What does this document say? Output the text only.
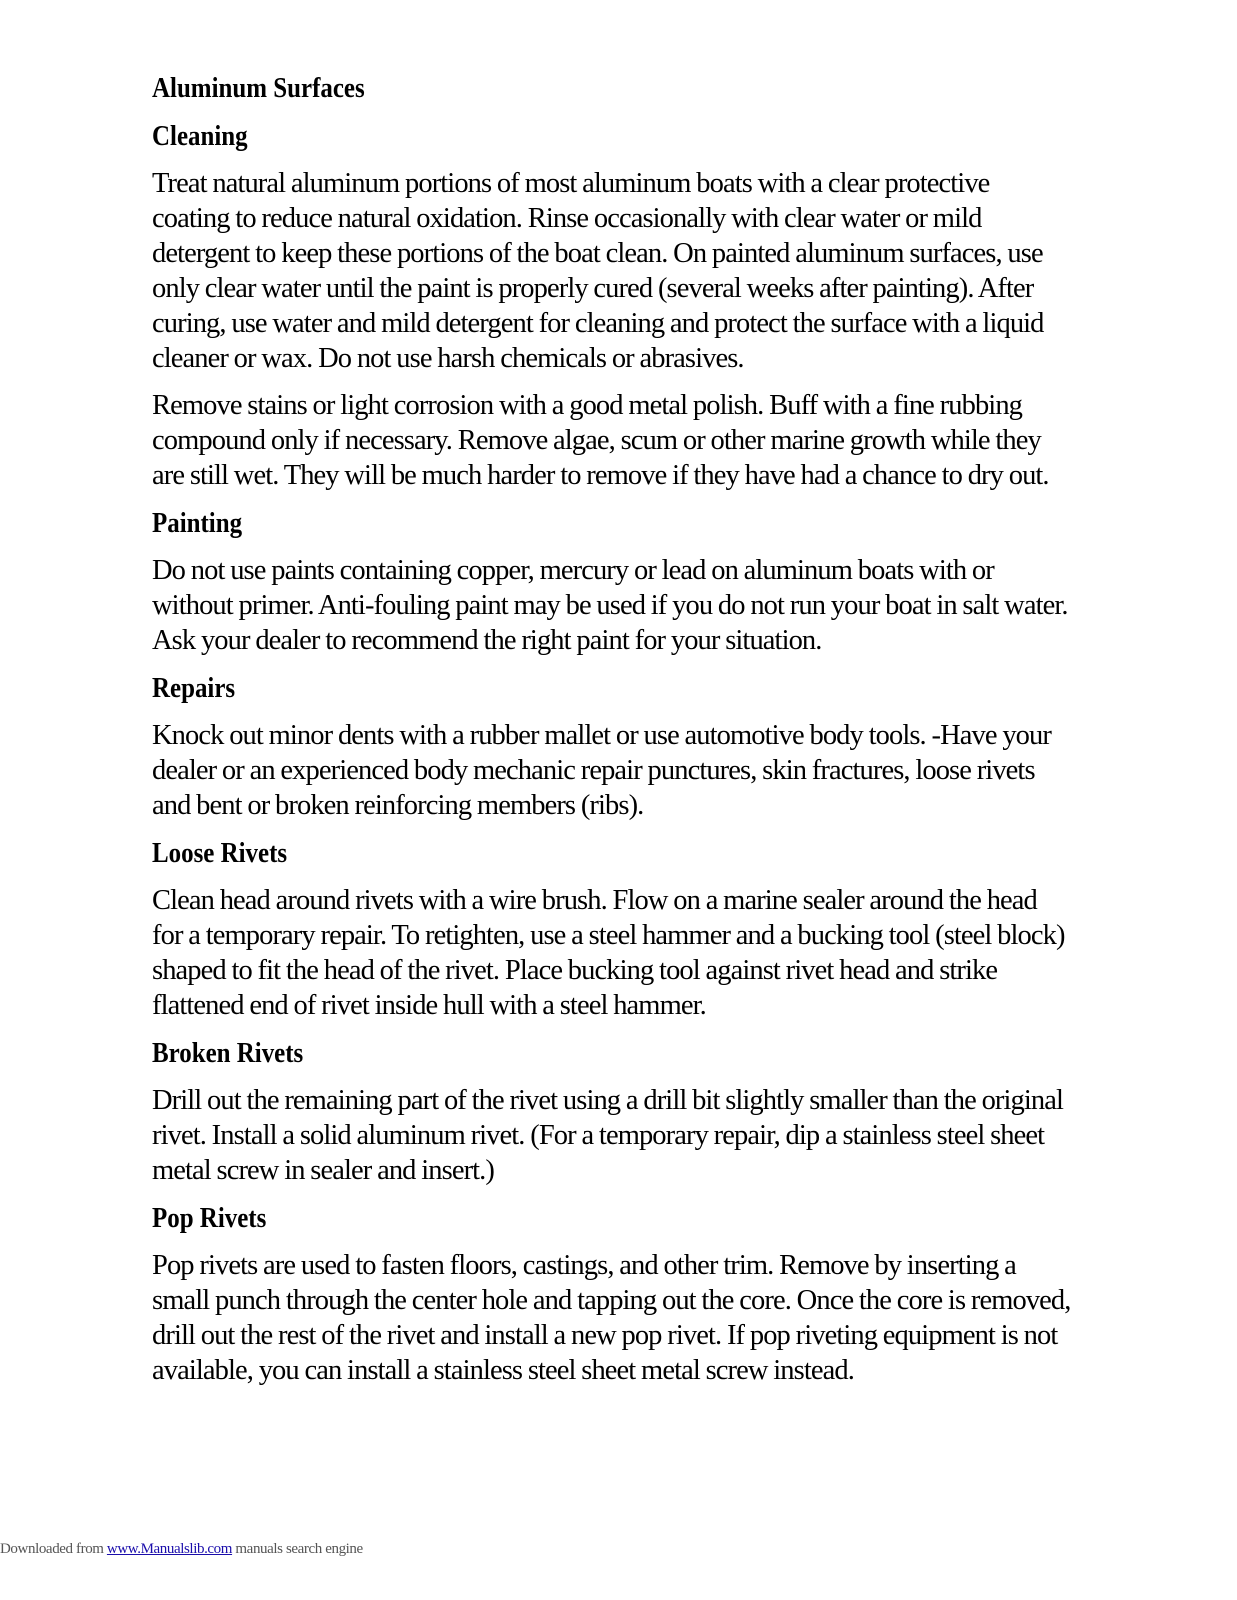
Aluminum Surfaces
Cleaning

Treat natural aluminum portions of most aluminum boats with a clear protective coating to reduce natural oxidation. Rinse occasionally with clear water or mild detergent to keep these portions of the boat clean. On painted aluminum surfaces, use only clear water until the paint is properly cured (several weeks after painting). After curing, use water and mild detergent for cleaning and protect the surface with a liquid cleaner or wax. Do not use harsh chemicals or abrasives.

Remove stains or light corrosion with a good metal polish. Buff with a fine rubbing compound only if necessary. Remove algae, scum or other marine growth while they are still wet. They will be much harder to remove if they have had a chance to dry out.

Painting

Do not use paints containing copper, mercury or lead on aluminum boats with or without primer. Anti-fouling paint may be used if you do not run your boat in salt water. Ask your dealer to recommend the right paint for your situation.

Repairs

Knock out minor dents with a rubber mallet or use automotive body tools. -Have your dealer or an experienced body mechanic repair punctures, skin fractures, loose rivets and bent or broken reinforcing members (ribs).

Loose Rivets

Clean head around rivets with a wire brush. Flow on a marine sealer around the head for a temporary repair. To retighten, use a steel hammer and a bucking tool (steel block) shaped to fit the head of the rivet. Place bucking tool against rivet head and strike flattened end of rivet inside hull with a steel hammer.

Broken Rivets

Drill out the remaining part of the rivet using a drill bit slightly smaller than the original rivet. Install a solid aluminum rivet. (For a temporary repair, dip a stainless steel sheet metal screw in sealer and insert.)

Pop Rivets

Pop rivets are used to fasten floors, castings, and other trim. Remove by inserting a small punch through the center hole and tapping out the core. Once the core is removed, drill out the rest of the rivet and install a new pop rivet. If pop riveting equipment is not available, you can install a stainless steel sheet metal screw instead.

Downloaded from www.Manualslib.com manuals search engine
